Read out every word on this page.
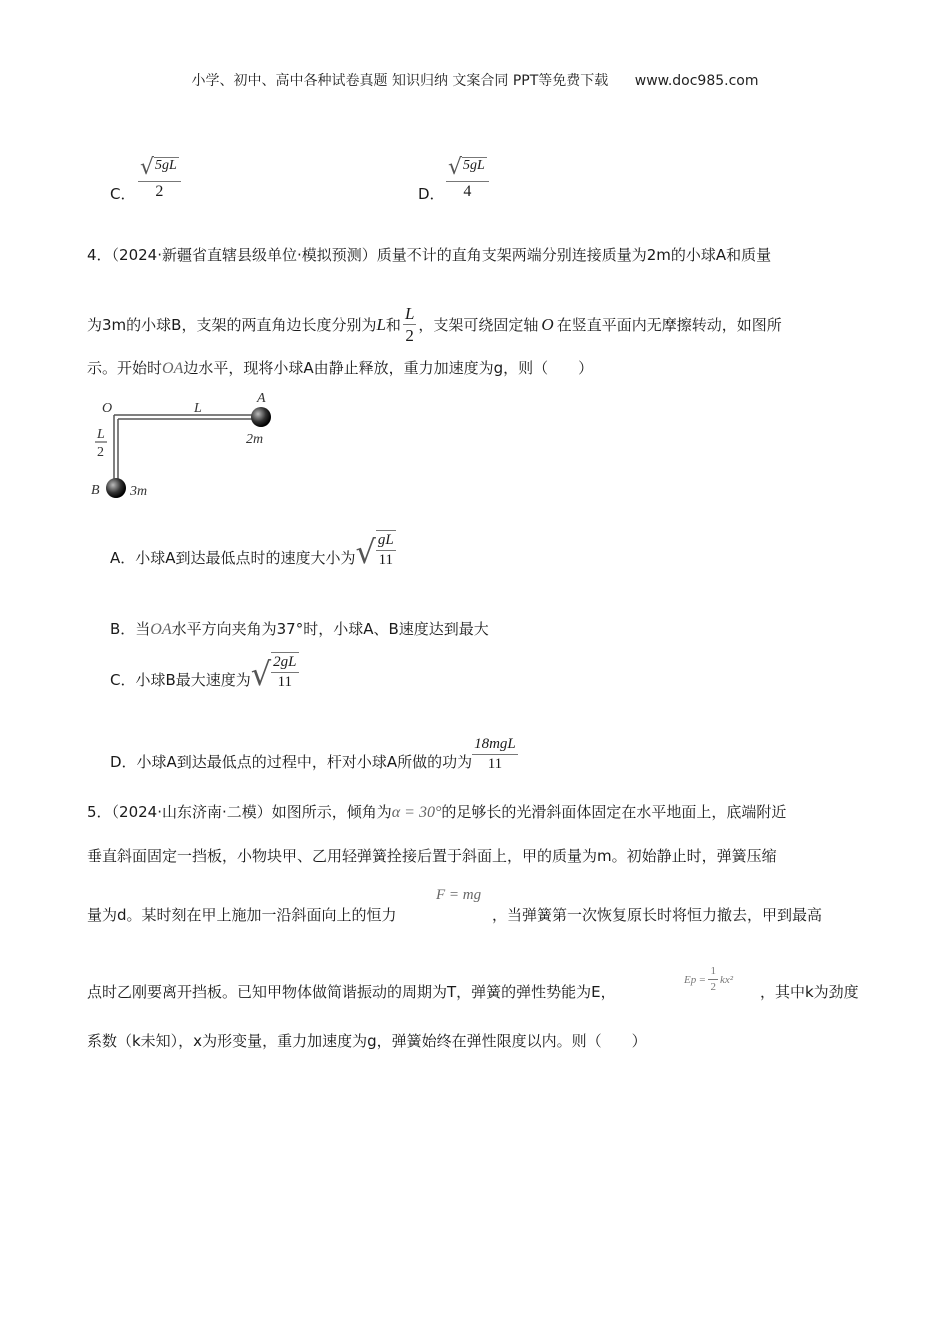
小学、初中、高中各种试卷真题 知识归纳 文案合同 PPT等免费下载 www.doc985.com
C． $\frac{√ 5gL}{2}$	D． $\frac{√ 5gL}{4}$
4．（2024·新疆省直辖县级单位·模拟预测）质量不计的直角支架两端分别连接质量为2m的小球A和质量
为3m的小球B，支架的两直角边长度分别为 L 和 $\frac{L}{2}$ ，支架可绕固定轴 O 在竖直平面内无摩擦转动，如图所
示。开始时OA边水平，现将小球A由静止释放，重力加速度为g，则（　　）
O	L
A
2m
L
2
B 3m
A．小球A到达最低点时的速度大小为 √ $\frac{gL}{11}$
B．当OA水平方向夹角为37°时，小球A、B速度达到最大
C．小球B最大速度为 √ $\frac{2gL}{11}$
D．小球A到达最低点的过程中，杆对小球A所做的功为 $\frac{\text{18mgL}}{11}$
5．（2024·山东济南·二模）如图所示，倾角为α = 30°的足够长的光滑斜面体固定在水平地面上，底端附近
垂直斜面固定一挡板，小物块甲、乙用轻弹簧拴接后置于斜面上，甲的质量为m。初始静止时，弹簧压缩
量为d。某时刻在甲上施加一沿斜面向上的恒力
F = mg
，当弹簧第一次恢复原长时将恒力撤去，甲到最高
点时乙刚要离开挡板。已知甲物体做简谐振动的周期为T，弹簧的弹性势能为E，
$Ep = \frac{1}{2} kx^2$
，其中k为劲度
系数（k未知），x为形变量，重力加速度为g，弹簧始终在弹性限度以内。则（　　）
